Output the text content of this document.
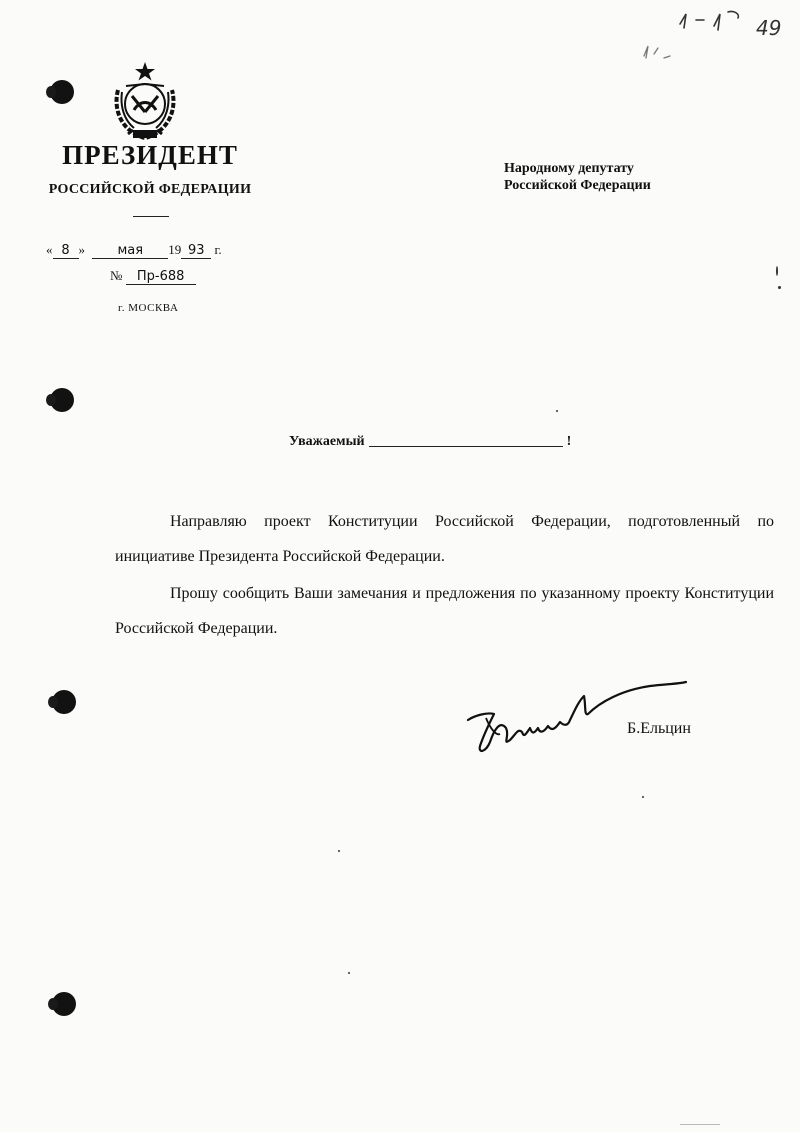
ПРЕЗИДЕНТ
РОССИЙСКОЙ ФЕДЕРАЦИИ
« 8 » мая 19 93 г.
№ Пр-688
г. МОСКВА
Народному депутату
Российской Федерации
Уважаемый	!

Направляю проект Конституции Российской Федерации, подготовленный по инициативе Президента Российской Федерации.

Прошу сообщить Ваши замечания и предложения по указанному проекту Конституции Российской Федерации.

Б.Ельцин
49
